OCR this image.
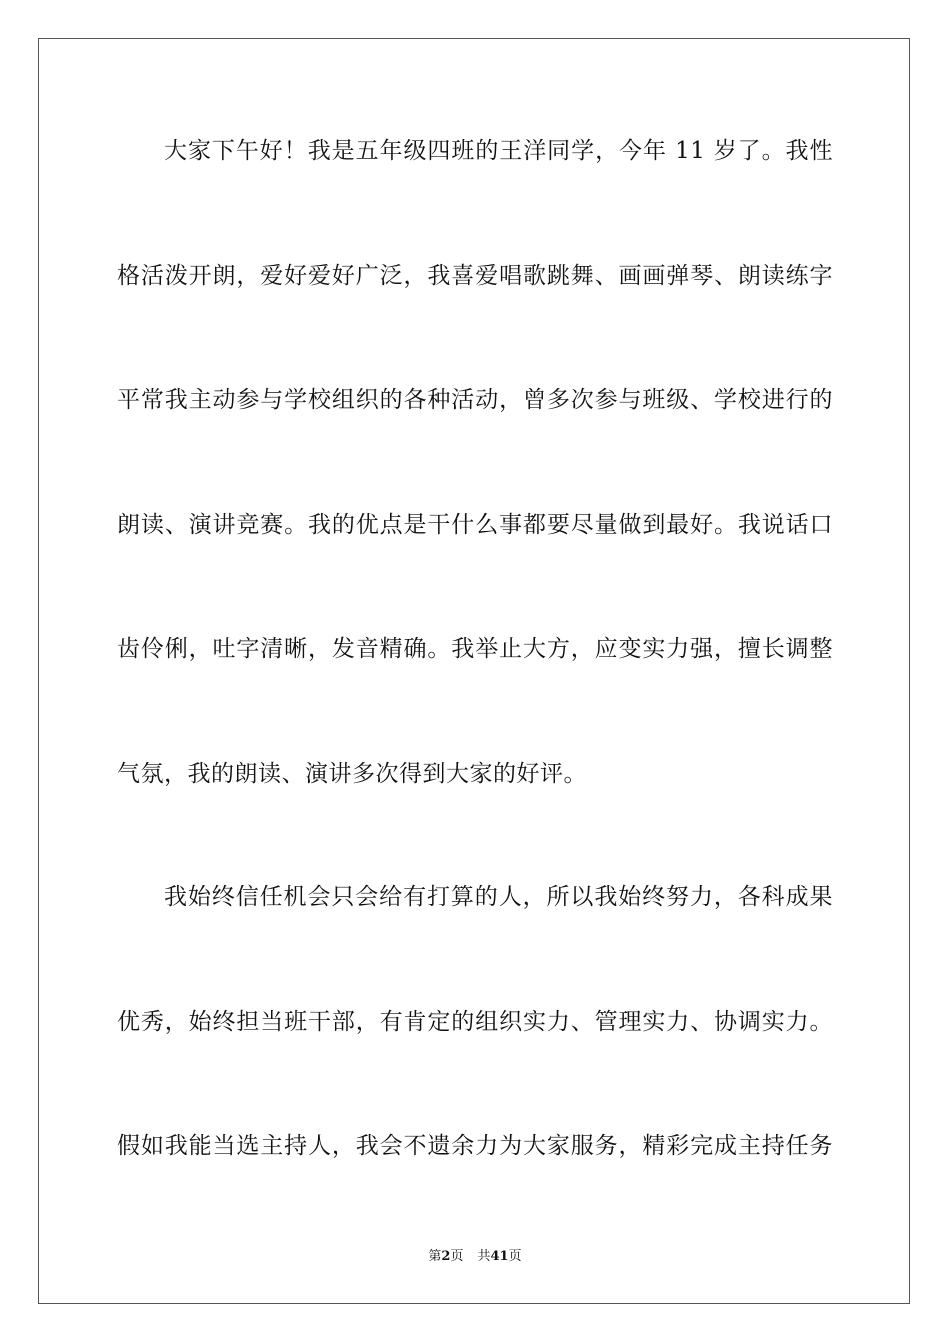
大家下午好！我是五年级四班的王洋同学，今年 11 岁了。我性
格活泼开朗，爱好爱好广泛，我喜爱唱歌跳舞、画画弹琴、朗读练字
平常我主动参与学校组织的各种活动，曾多次参与班级、学校进行的
朗读、演讲竞赛。我的优点是干什么事都要尽量做到最好。我说话口
齿伶俐，吐字清晰，发音精确。我举止大方，应变实力强，擅长调整
气氛，我的朗读、演讲多次得到大家的好评。
我始终信任机会只会给有打算的人，所以我始终努力，各科成果
优秀，始终担当班干部，有肯定的组织实力、管理实力、协调实力。
假如我能当选主持人，我会不遗余力为大家服务，精彩完成主持任务
第2页 共41页
